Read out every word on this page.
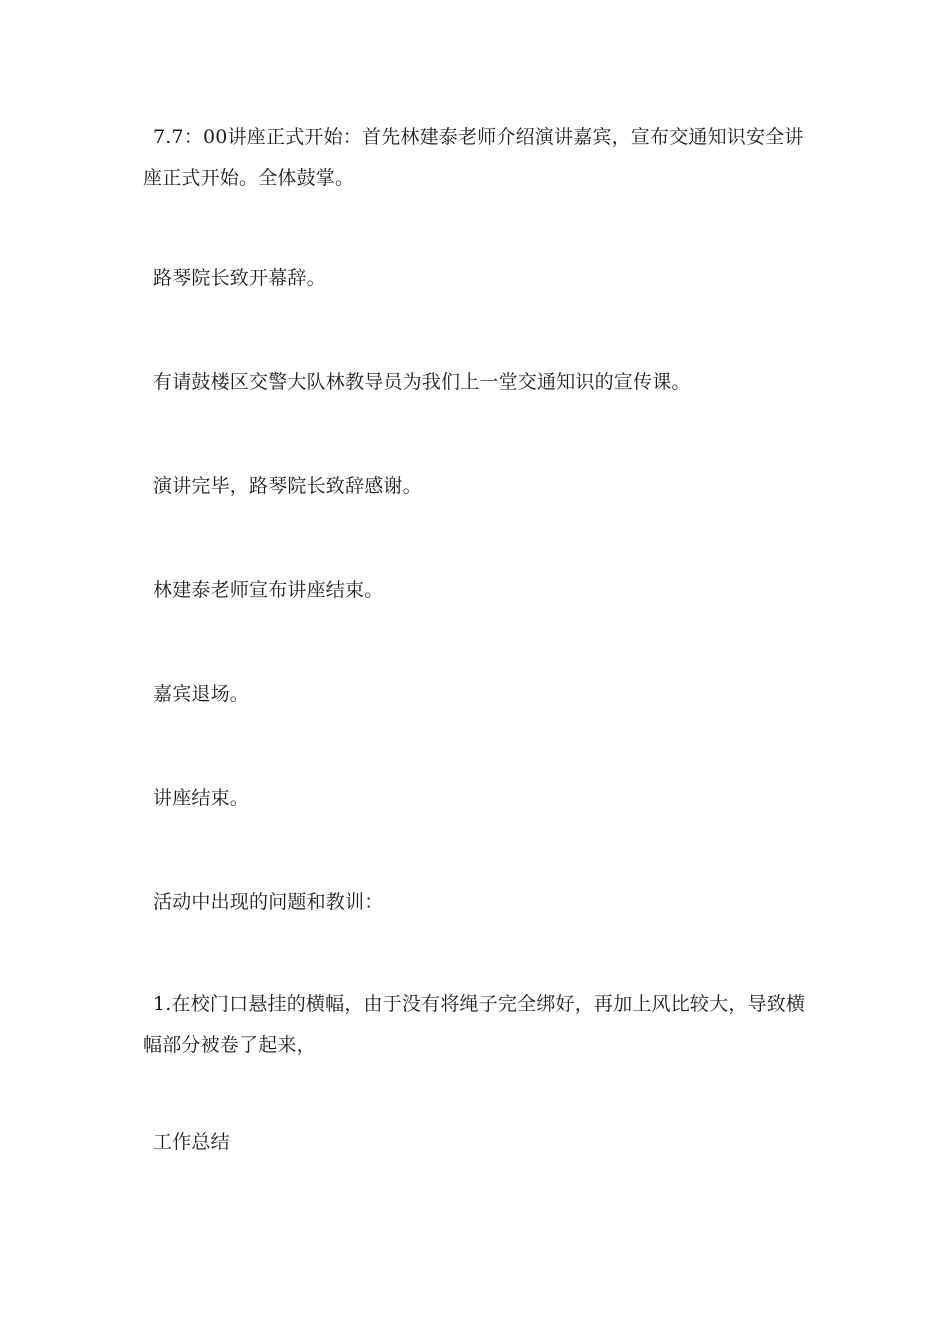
7.7：00讲座正式开始：首先林建泰老师介绍演讲嘉宾，宣布交通知识安全讲座正式开始。全体鼓掌。

路琴院长致开幕辞。

有请鼓楼区交警大队林教导员为我们上一堂交通知识的宣传课。

演讲完毕，路琴院长致辞感谢。

林建泰老师宣布讲座结束。

嘉宾退场。

讲座结束。

活动中出现的问题和教训：

1.在校门口悬挂的横幅，由于没有将绳子完全绑好，再加上风比较大，导致横幅部分被卷了起来，

工作总结
